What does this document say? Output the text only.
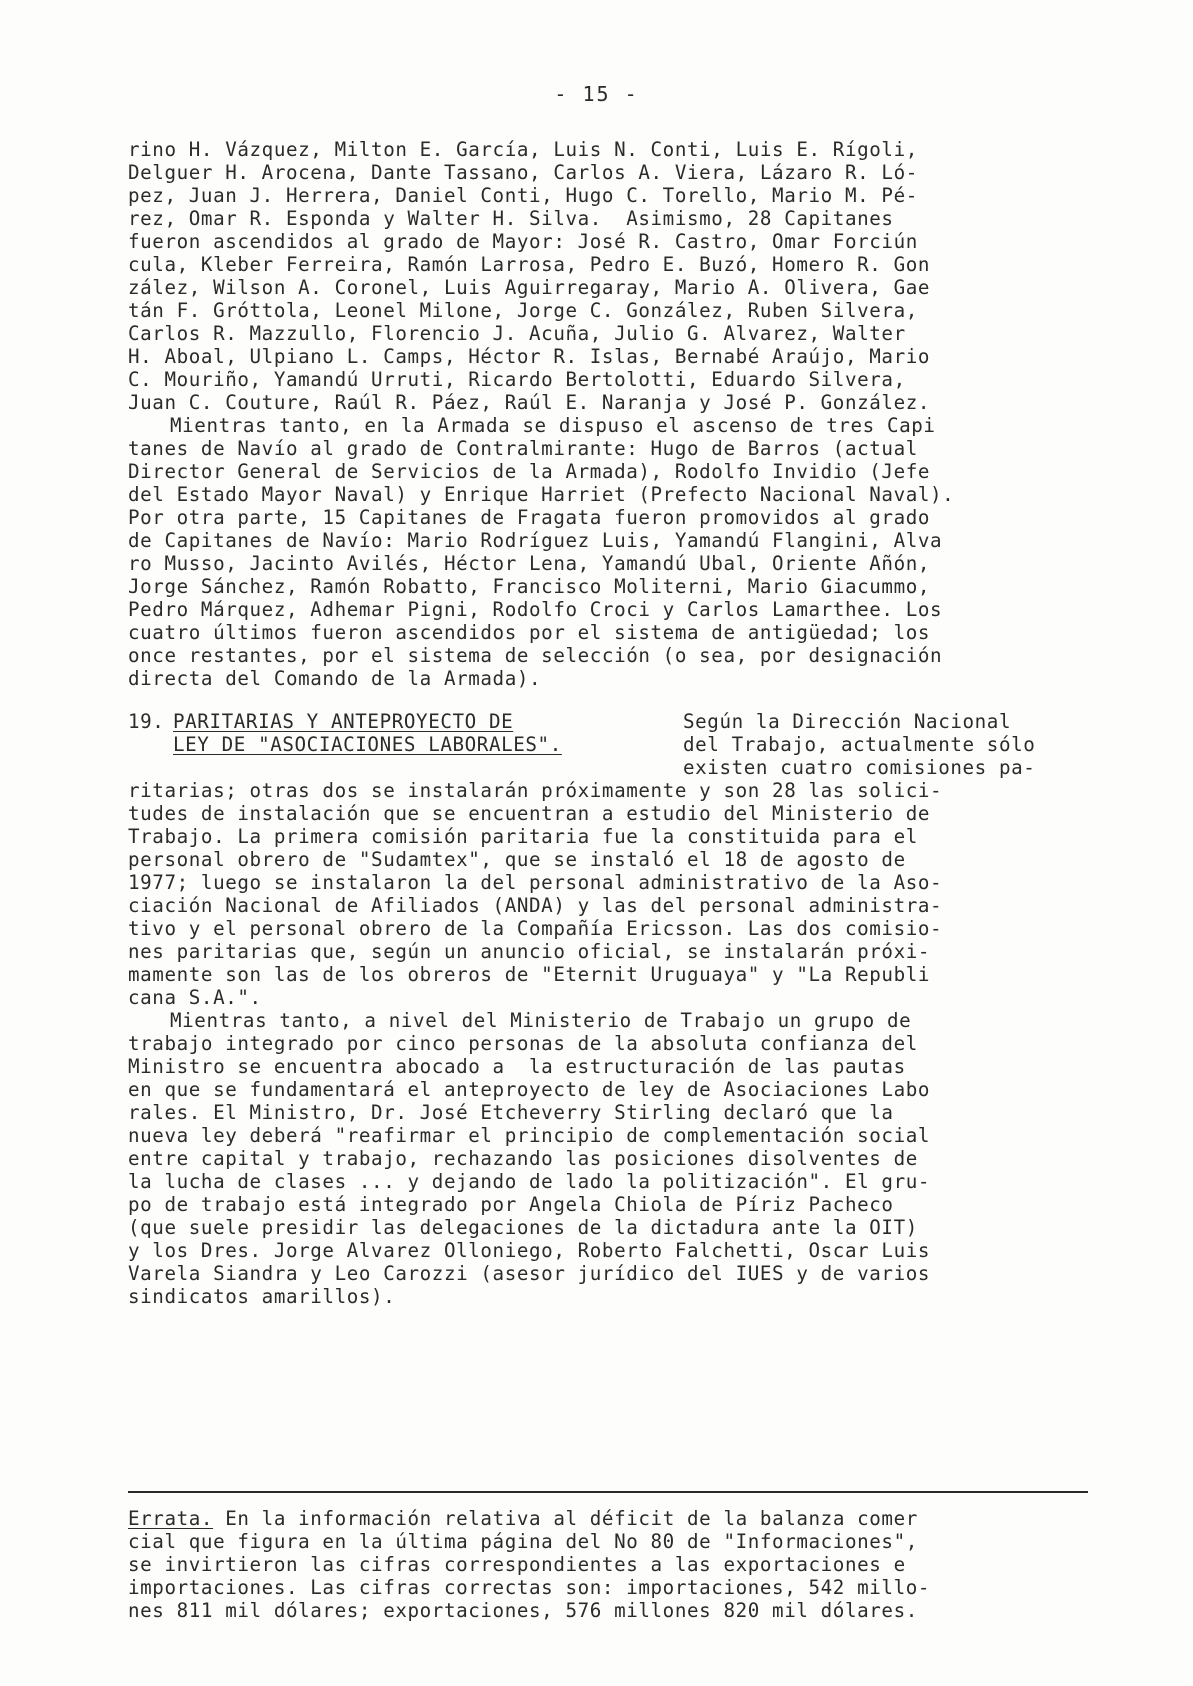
- 15 -
rino H. Vázquez, Milton E. García, Luis N. Conti, Luis E. Rígoli,
Delguer H. Arocena, Dante Tassano, Carlos A. Viera, Lázaro R. Ló-
pez, Juan J. Herrera, Daniel Conti, Hugo C. Torello, Mario M. Pé-
rez, Omar R. Esponda y Walter H. Silva.  Asimismo, 28 Capitanes
fueron ascendidos al grado de Mayor: José R. Castro, Omar Forciún
cula, Kleber Ferreira, Ramón Larrosa, Pedro E. Buzó, Homero R. Gon
zález, Wilson A. Coronel, Luis Aguirregaray, Mario A. Olivera, Gae
tán F. Gróttola, Leonel Milone, Jorge C. González, Ruben Silvera,
Carlos R. Mazzullo, Florencio J. Acuña, Julio G. Alvarez, Walter
H. Aboal, Ulpiano L. Camps, Héctor R. Islas, Bernabé Araújo, Mario
C. Mouriño, Yamandú Urruti, Ricardo Bertolotti, Eduardo Silvera,
Juan C. Couture, Raúl R. Páez, Raúl E. Naranja y José P. González.
Mientras tanto, en la Armada se dispuso el ascenso de tres Capi
tanes de Navío al grado de Contralmirante: Hugo de Barros (actual
Director General de Servicios de la Armada), Rodolfo Invidio (Jefe
del Estado Mayor Naval) y Enrique Harriet (Prefecto Nacional Naval).
Por otra parte, 15 Capitanes de Fragata fueron promovidos al grado
de Capitanes de Navío: Mario Rodríguez Luis, Yamandú Flangini, Alva
ro Musso, Jacinto Avilés, Héctor Lena, Yamandú Ubal, Oriente Añón,
Jorge Sánchez, Ramón Robatto, Francisco Moliterni, Mario Giacummo,
Pedro Márquez, Adhemar Pigni, Rodolfo Croci y Carlos Lamarthee. Los
cuatro últimos fueron ascendidos por el sistema de antigüedad; los
once restantes, por el sistema de selección (o sea, por designación
directa del Comando de la Armada).
19. PARITARIAS Y ANTEPROYECTO DE
LEY DE "ASOCIACIONES LABORALES".
Según la Dirección Nacional
del Trabajo, actualmente sólo
existen cuatro comisiones pa-
ritarias; otras dos se instalarán próximamente y son 28 las solici-
tudes de instalación que se encuentran a estudio del Ministerio de
Trabajo. La primera comisión paritaria fue la constituida para el
personal obrero de "Sudamtex", que se instaló el 18 de agosto de
1977; luego se instalaron la del personal administrativo de la Aso-
ciación Nacional de Afiliados (ANDA) y las del personal administra-
tivo y el personal obrero de la Compañía Ericsson. Las dos comisio-
nes paritarias que, según un anuncio oficial, se instalarán próxi-
mamente son las de los obreros de "Eternit Uruguaya" y "La Republi
cana S.A.".
Mientras tanto, a nivel del Ministerio de Trabajo un grupo de
trabajo integrado por cinco personas de la absoluta confianza del
Ministro se encuentra abocado a  la estructuración de las pautas
en que se fundamentará el anteproyecto de ley de Asociaciones Labo
rales. El Ministro, Dr. José Etcheverry Stirling declaró que la
nueva ley deberá "reafirmar el principio de complementación social
entre capital y trabajo, rechazando las posiciones disolventes de
la lucha de clases ... y dejando de lado la politización". El gru-
po de trabajo está integrado por Angela Chiola de Píriz Pacheco
(que suele presidir las delegaciones de la dictadura ante la OIT)
y los Dres. Jorge Alvarez Olloniego, Roberto Falchetti, Oscar Luis
Varela Siandra y Leo Carozzi (asesor jurídico del IUES y de varios
sindicatos amarillos).
Errata. En la información relativa al déficit de la balanza comer
cial que figura en la última página del No 80 de "Informaciones",
se invirtieron las cifras correspondientes a las exportaciones e
importaciones. Las cifras correctas son: importaciones, 542 millo-
nes 811 mil dólares; exportaciones, 576 millones 820 mil dólares.
